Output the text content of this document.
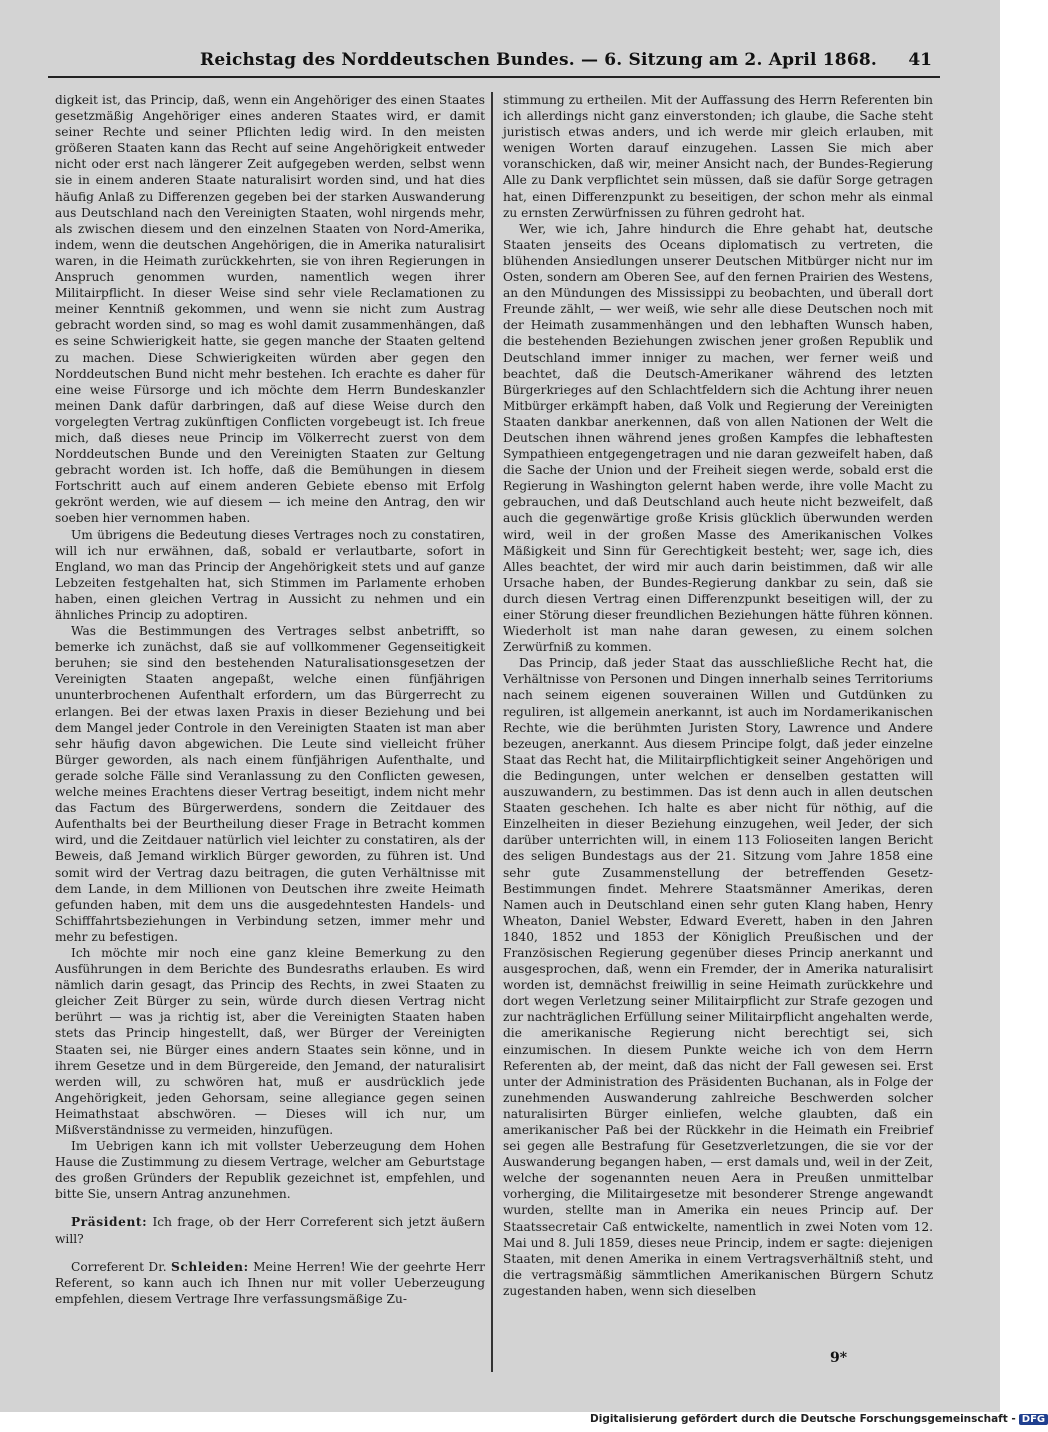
Reichstag des Norddeutschen Bundes. — 6. Sitzung am 2. April 1868. 41

digkeit ist, das Princip, daß, wenn ein Angehöriger des einen Staates gesetzmäßig Angehöriger eines anderen Staates wird, er damit seiner Rechte und seiner Pflichten ledig wird. In den meisten größeren Staaten kann das Recht auf seine Angehörigkeit entweder nicht oder erst nach längerer Zeit aufgegeben werden, selbst wenn sie in einem anderen Staate naturalisirt worden sind, und hat dies häufig Anlaß zu Differenzen gegeben bei der starken Auswanderung aus Deutschland nach den Vereinigten Staaten, wohl nirgends mehr, als zwischen diesem und den einzelnen Staaten von Nord-Amerika, indem, wenn die deutschen Angehörigen, die in Amerika naturalisirt waren, in die Heimath zurückkehrten, sie von ihren Regierungen in Anspruch genommen wurden, namentlich wegen ihrer Militairpflicht. In dieser Weise sind sehr viele Reclamationen zu meiner Kenntniß gekommen, und wenn sie nicht zum Austrag gebracht worden sind, so mag es wohl damit zusammenhängen, daß es seine Schwierigkeit hatte, sie gegen manche der Staaten geltend zu machen. Diese Schwierigkeiten würden aber gegen den Norddeutschen Bund nicht mehr bestehen. Ich erachte es daher für eine weise Fürsorge und ich möchte dem Herrn Bundeskanzler meinen Dank dafür darbringen, daß auf diese Weise durch den vorgelegten Vertrag zukünftigen Conflicten vorgebeugt ist. Ich freue mich, daß dieses neue Princip im Völkerrecht zuerst von dem Norddeutschen Bunde und den Vereinigten Staaten zur Geltung gebracht worden ist. Ich hoffe, daß die Bemühungen in diesem Fortschritt auch auf einem anderen Gebiete ebenso mit Erfolg gekrönt werden, wie auf diesem — ich meine den Antrag, den wir soeben hier vernommen haben.

Um übrigens die Bedeutung dieses Vertrages noch zu constatiren, will ich nur erwähnen, daß, sobald er verlautbarte, sofort in England, wo man das Princip der Angehörigkeit stets und auf ganze Lebzeiten festgehalten hat, sich Stimmen im Parlamente erhoben haben, einen gleichen Vertrag in Aussicht zu nehmen und ein ähnliches Princip zu adoptiren.

Was die Bestimmungen des Vertrages selbst anbetrifft, so bemerke ich zunächst, daß sie auf vollkommener Gegenseitigkeit beruhen; sie sind den bestehenden Naturalisationsgesetzen der Vereinigten Staaten angepaßt, welche einen fünfjährigen ununterbrochenen Aufenthalt erfordern, um das Bürgerrecht zu erlangen. Bei der etwas laxen Praxis in dieser Beziehung und bei dem Mangel jeder Controle in den Vereinigten Staaten ist man aber sehr häufig davon abgewichen. Die Leute sind vielleicht früher Bürger geworden, als nach einem fünfjährigen Aufenthalte, und gerade solche Fälle sind Veranlassung zu den Conflicten gewesen, welche meines Erachtens dieser Vertrag beseitigt, indem nicht mehr das Factum des Bürgerwerdens, sondern die Zeitdauer des Aufenthalts bei der Beurtheilung dieser Frage in Betracht kommen wird, und die Zeitdauer natürlich viel leichter zu constatiren, als der Beweis, daß Jemand wirklich Bürger geworden, zu führen ist. Und somit wird der Vertrag dazu beitragen, die guten Verhältnisse mit dem Lande, in dem Millionen von Deutschen ihre zweite Heimath gefunden haben, mit dem uns die ausgedehntesten Handels- und Schifffahrtsbeziehungen in Verbindung setzen, immer mehr und mehr zu befestigen.

Ich möchte mir noch eine ganz kleine Bemerkung zu den Ausführungen in dem Berichte des Bundesraths erlauben. Es wird nämlich darin gesagt, das Princip des Rechts, in zwei Staaten zu gleicher Zeit Bürger zu sein, würde durch diesen Vertrag nicht berührt — was ja richtig ist, aber die Vereinigten Staaten haben stets das Princip hingestellt, daß, wer Bürger der Vereinigten Staaten sei, nie Bürger eines andern Staates sein könne, und in ihrem Gesetze und in dem Bürgereide, den Jemand, der naturalisirt werden will, zu schwören hat, muß er ausdrücklich jede Angehörigkeit, jeden Gehorsam, seine allegiance gegen seinen Heimathstaat abschwören. — Dieses will ich nur, um Mißverständnisse zu vermeiden, hinzufügen.

Im Uebrigen kann ich mit vollster Ueberzeugung dem Hohen Hause die Zustimmung zu diesem Vertrage, welcher am Geburtstage des großen Gründers der Republik gezeichnet ist, empfehlen, und bitte Sie, unsern Antrag anzunehmen.

Präsident: Ich frage, ob der Herr Correferent sich jetzt äußern will?

Correferent Dr. Schleiden: Meine Herren! Wie der geehrte Herr Referent, so kann auch ich Ihnen nur mit voller Ueberzeugung empfehlen, diesem Vertrage Ihre verfassungsmäßige Zu-

stimmung zu ertheilen. Mit der Auffassung des Herrn Referenten bin ich allerdings nicht ganz einverstonden; ich glaube, die Sache steht juristisch etwas anders, und ich werde mir gleich erlauben, mit wenigen Worten darauf einzugehen. Lassen Sie mich aber voranschicken, daß wir, meiner Ansicht nach, der Bundes-Regierung Alle zu Dank verpflichtet sein müssen, daß sie dafür Sorge getragen hat, einen Differenzpunkt zu beseitigen, der schon mehr als einmal zu ernsten Zerwürfnissen zu führen gedroht hat.

Wer, wie ich, Jahre hindurch die Ehre gehabt hat, deutsche Staaten jenseits des Oceans diplomatisch zu vertreten, die blühenden Ansiedlungen unserer Deutschen Mitbürger nicht nur im Osten, sondern am Oberen See, auf den fernen Prairien des Westens, an den Mündungen des Mississippi zu beobachten, und überall dort Freunde zählt, — wer weiß, wie sehr alle diese Deutschen noch mit der Heimath zusammenhängen und den lebhaften Wunsch haben, die bestehenden Beziehungen zwischen jener großen Republik und Deutschland immer inniger zu machen, wer ferner weiß und beachtet, daß die Deutsch-Amerikaner während des letzten Bürgerkrieges auf den Schlachtfeldern sich die Achtung ihrer neuen Mitbürger erkämpft haben, daß Volk und Regierung der Vereinigten Staaten dankbar anerkennen, daß von allen Nationen der Welt die Deutschen ihnen während jenes großen Kampfes die lebhaftesten Sympathieen entgegengetragen und nie daran gezweifelt haben, daß die Sache der Union und der Freiheit siegen werde, sobald erst die Regierung in Washington gelernt haben werde, ihre volle Macht zu gebrauchen, und daß Deutschland auch heute nicht bezweifelt, daß auch die gegenwärtige große Krisis glücklich überwunden werden wird, weil in der großen Masse des Amerikanischen Volkes Mäßigkeit und Sinn für Gerechtigkeit besteht; wer, sage ich, dies Alles beachtet, der wird mir auch darin beistimmen, daß wir alle Ursache haben, der Bundes-Regierung dankbar zu sein, daß sie durch diesen Vertrag einen Differenzpunkt beseitigen will, der zu einer Störung dieser freundlichen Beziehungen hätte führen können. Wiederholt ist man nahe daran gewesen, zu einem solchen Zerwürfniß zu kommen.

Das Princip, daß jeder Staat das ausschließliche Recht hat, die Verhältnisse von Personen und Dingen innerhalb seines Territoriums nach seinem eigenen souverainen Willen und Gutdünken zu reguliren, ist allgemein anerkannt, ist auch im Nordamerikanischen Rechte, wie die berühmten Juristen Story, Lawrence und Andere bezeugen, anerkannt. Aus diesem Principe folgt, daß jeder einzelne Staat das Recht hat, die Militairpflichtigkeit seiner Angehörigen und die Bedingungen, unter welchen er denselben gestatten will auszuwandern, zu bestimmen. Das ist denn auch in allen deutschen Staaten geschehen. Ich halte es aber nicht für nöthig, auf die Einzelheiten in dieser Beziehung einzugehen, weil Jeder, der sich darüber unterrichten will, in einem 113 Folioseiten langen Bericht des seligen Bundestags aus der 21. Sitzung vom Jahre 1858 eine sehr gute Zusammenstellung der betreffenden Gesetz-Bestimmungen findet. Mehrere Staatsmänner Amerikas, deren Namen auch in Deutschland einen sehr guten Klang haben, Henry Wheaton, Daniel Webster, Edward Everett, haben in den Jahren 1840, 1852 und 1853 der Königlich Preußischen und der Französischen Regierung gegenüber dieses Princip anerkannt und ausgesprochen, daß, wenn ein Fremder, der in Amerika naturalisirt worden ist, demnächst freiwillig in seine Heimath zurückkehre und dort wegen Verletzung seiner Militairpflicht zur Strafe gezogen und zur nachträglichen Erfüllung seiner Militairpflicht angehalten werde, die amerikanische Regierung nicht berechtigt sei, sich einzumischen. In diesem Punkte weiche ich von dem Herrn Referenten ab, der meint, daß das nicht der Fall gewesen sei. Erst unter der Administration des Präsidenten Buchanan, als in Folge der zunehmenden Auswanderung zahlreiche Beschwerden solcher naturalisirten Bürger einliefen, welche glaubten, daß ein amerikanischer Paß bei der Rückkehr in die Heimath ein Freibrief sei gegen alle Bestrafung für Gesetzverletzungen, die sie vor der Auswanderung begangen haben, — erst damals und, weil in der Zeit, welche der sogenannten neuen Aera in Preußen unmittelbar vorherging, die Militairgesetze mit besonderer Strenge angewandt wurden, stellte man in Amerika ein neues Princip auf. Der Staatssecretair Caß entwickelte, namentlich in zwei Noten vom 12. Mai und 8. Juli 1859, dieses neue Princip, indem er sagte: diejenigen Staaten, mit denen Amerika in einem Vertragsverhältniß steht, und die vertragsmäßig sämmtlichen Amerikanischen Bürgern Schutz zugestanden haben, wenn sich dieselben

9*
Digitalisierung gefördert durch die Deutsche Forschungsgemeinschaft - DFG
